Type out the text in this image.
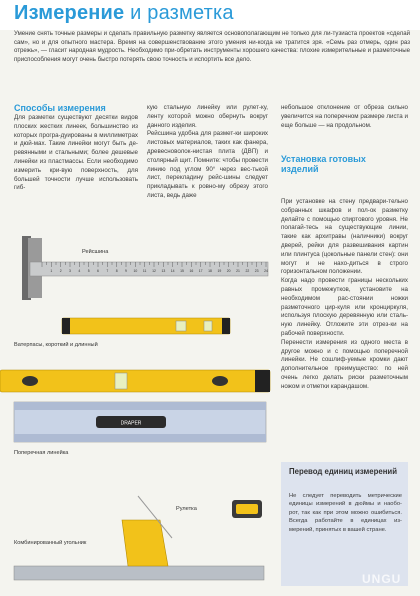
Измерение и разметка
Умение снять точные размеры и сделать правильную разметку является основополагающим не только для ли-тузиаста проектов «сделай сам», но и для опытного мастера. Время на совершенствование этого умения ни-когда не тратится зря. «Семь раз отмерь, один раз отрежь», — гласит народная мудрость. Необходимо при-обретать инструменты хорошего качества: плохие измерительные и разметочные приспособления могут очень быстро потерять свою точность и испортить все дело.
Способы измерения
Для разметки существуют десятки видов плоских жестких линеек, большинство из которых програ-дуированы в миллиметрах и дюй-мах. Такие линейки могут быть де-ревянными и стальными; более дешевые линейки из пластмассы. Если необходимо измерить кри-вую поверхность, для большей точности лучше использовать гиб-
кую стальную линейку или рулет-ку, ленту которой можно обернуть вокруг данного изделия.
Рейсшина удобна для размет-ки широких листовых материалов, таких как фанера, древесноволок-нистая плита (ДВП) и столярный щит. Помните: чтобы провести линию под углом 90° через вес-тькой лист, перекладину рейс-шины следует прикладывать к ровно-му обрезу этого листа, ведь даже
небольшое отклонение от обреза сильно увеличится на поперечном размере листа и еще больше — на продольном.
Установка готовых изделий
При установке на стену предвари-тельно собранных шкафов и пол-ок разметку делайте с помощью спиртового уровня. Не полагай-тесь на существующие линии, такие как архитравы (наличники) вокруг дверей, рейки для развешивания картин или плинтуса (цокольные панели стен): они могут и не нахо-диться в строго горизонтальном положении.
Когда надо провести границы нескольких равных промежутков, установите на необходимом рас-стоянии ножки разметочного цир-куля или кронциркуля, используя плоскую деревянную или сталь-ную линейку. Отложите эти отрез-ки на рабочей поверхности.
Перенести измерения из одного места в другое можно и с помощью поперечной линейки. Не сошлиф-уемые кромки дают дополнительное преимущество: по ней очень легко делать риски разметочным ножом и отметки карандашом.
1 2 3 4 5 6 7 8 9 10 11 12 13 14 15 16 17 18 19 20 21 22 23 24
DRAPER
Рейсшина
Ватерпасы, короткий и длинный
Поперечная линейка
Рулетка
Комбинированный угольник
Перевод единиц измерений
Не следует переводить метрические единицы измерений в дюймы и наобо-рот, так как при этом можно ошибиться. Всегда работайте в единицах из-мерений, принятых в вашей стране.
UNGU
